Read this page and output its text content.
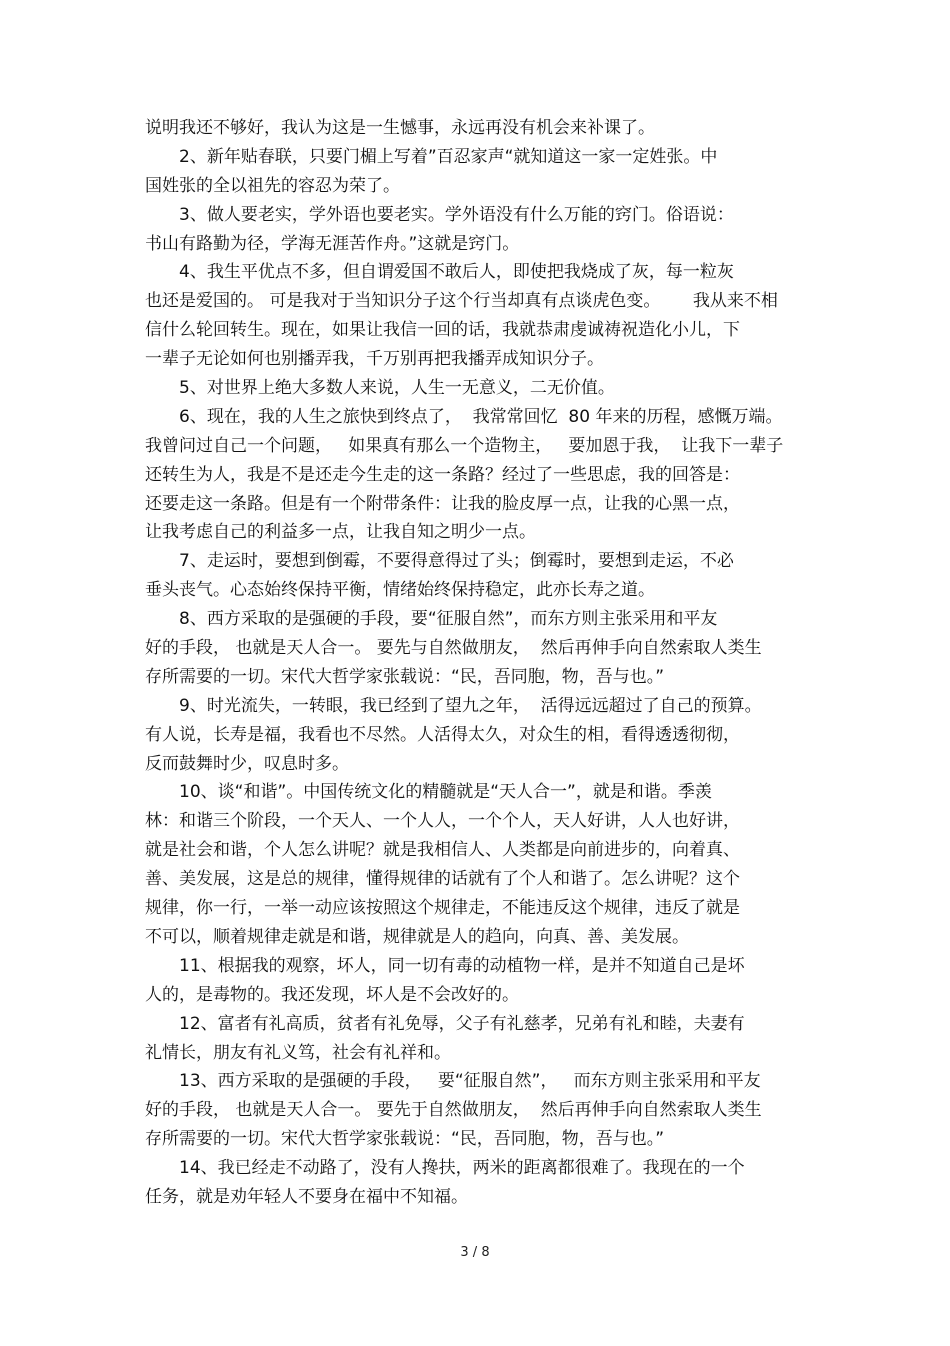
说明我还不够好，我认为这是一生憾事，永远再没有机会来补课了。
2、新年贴春联，只要门楣上写着”百忍家声“就知道这一家一定姓张。中
国姓张的全以祖先的容忍为荣了。
3、做人要老实，学外语也要老实。学外语没有什么万能的窍门。俗语说：
书山有路勤为径，学海无涯苦作舟。”这就是窍门。
4、我生平优点不多，但自谓爱国不敢后人，即使把我烧成了灰，每一粒灰
也还是爱国的。 可是我对于当知识分子这个行当却真有点谈虎色变。      我从来不相
信什么轮回转生。现在，如果让我信一回的话，我就恭肃虔诚祷祝造化小儿，下
一辈子无论如何也别播弄我，千万别再把我播弄成知识分子。
5、对世界上绝大多数人来说，人生一无意义，二无价值。
6、现在，我的人生之旅快到终点了，  我常常回忆  80 年来的历程，感慨万端。
我曾问过自己一个问题，   如果真有那么一个造物主，   要加恩于我，  让我下一辈子
还转生为人，我是不是还走今生走的这一条路？经过了一些思虑，我的回答是：
还要走这一条路。但是有一个附带条件：让我的脸皮厚一点，让我的心黑一点，
让我考虑自己的利益多一点，让我自知之明少一点。
7、走运时，要想到倒霉，不要得意得过了头；倒霉时，要想到走运，不必
垂头丧气。心态始终保持平衡，情绪始终保持稳定，此亦长寿之道。
8、西方采取的是强硬的手段，要“征服自然”，而东方则主张采用和平友
好的手段， 也就是天人合一。 要先与自然做朋友，  然后再伸手向自然索取人类生
存所需要的一切。宋代大哲学家张载说：“民，吾同胞，物，吾与也。”
9、时光流失，一转眼，我已经到了望九之年，  活得远远超过了自己的预算。
有人说，长寿是福，我看也不尽然。人活得太久，对众生的相，看得透透彻彻，
反而鼓舞时少，叹息时多。
10、谈“和谐”。中国传统文化的精髓就是“天人合一”，就是和谐。季羡
林：和谐三个阶段，一个天人、一个人人，一个个人，天人好讲，人人也好讲，
就是社会和谐，个人怎么讲呢？就是我相信人、人类都是向前进步的，向着真、
善、美发展，这是总的规律，懂得规律的话就有了个人和谐了。怎么讲呢？这个
规律，你一行，一举一动应该按照这个规律走，不能违反这个规律，违反了就是
不可以，顺着规律走就是和谐，规律就是人的趋向，向真、善、美发展。
11、根据我的观察，坏人，同一切有毒的动植物一样，是并不知道自己是坏
人的，是毒物的。我还发现，坏人是不会改好的。
12、富者有礼高质，贫者有礼免辱，父子有礼慈孝，兄弟有礼和睦，夫妻有
礼情长，朋友有礼义笃，社会有礼祥和。
13、西方采取的是强硬的手段，   要“征服自然”，   而东方则主张采用和平友
好的手段， 也就是天人合一。 要先于自然做朋友，  然后再伸手向自然索取人类生
存所需要的一切。宋代大哲学家张载说：“民，吾同胞，物，吾与也。”
14、我已经走不动路了，没有人搀扶，两米的距离都很难了。我现在的一个
任务，就是劝年轻人不要身在福中不知福。
3 / 8
